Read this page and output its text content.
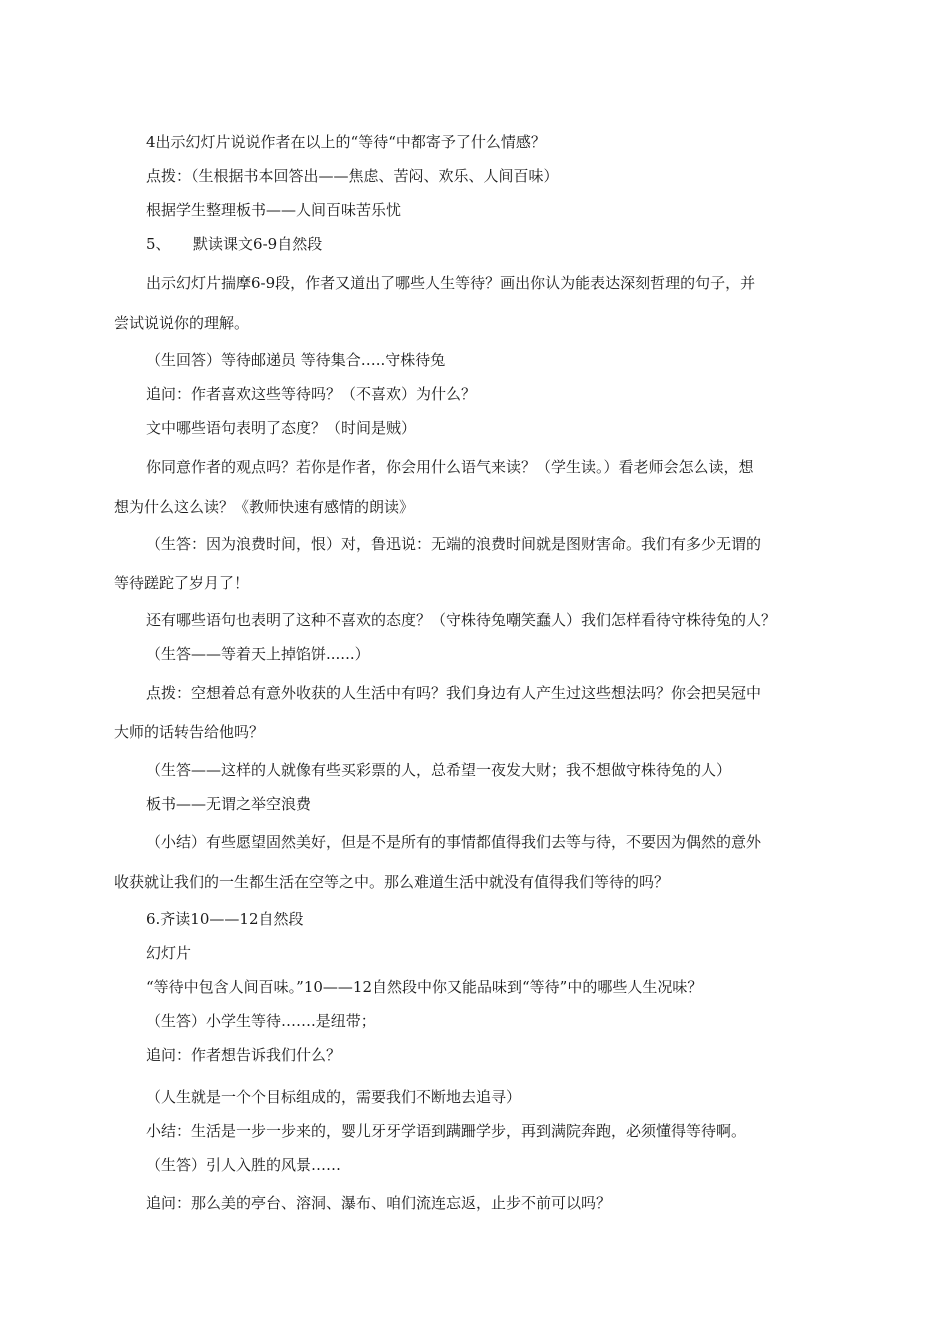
4出示幻灯片说说作者在以上的“等待“中都寄予了什么情感？
点拨：（生根据书本回答出——焦虑、苦闷、欢乐、人间百味）
根据学生整理板书——人间百味苦乐忧
5、　　默读课文6-9自然段
出示幻灯片揣摩6-9段，作者又道出了哪些人生等待？画出你认为能表达深刻哲理的句子，并
尝试说说你的理解。
（生回答）等待邮递员 等待集合…..守株待兔
追问：作者喜欢这些等待吗？（不喜欢）为什么？
文中哪些语句表明了态度？（时间是贼）
你同意作者的观点吗？若你是作者，你会用什么语气来读？（学生读。）看老师会怎么读，想
想为什么这么读？《教师快速有感情的朗读》
（生答：因为浪费时间，恨）对，鲁迅说：无端的浪费时间就是图财害命。我们有多少无谓的
等待蹉跎了岁月了！
还有哪些语句也表明了这种不喜欢的态度？（守株待兔嘲笑蠢人）我们怎样看待守株待兔的人？
（生答——等着天上掉馅饼......）
点拨：空想着总有意外收获的人生活中有吗？我们身边有人产生过这些想法吗？你会把吴冠中
大师的话转告给他吗？
（生答——这样的人就像有些买彩票的人，总希望一夜发大财；我不想做守株待兔的人）
板书——无谓之举空浪费
（小结）有些愿望固然美好，但是不是所有的事情都值得我们去等与待，不要因为偶然的意外
收获就让我们的一生都生活在空等之中。那么难道生活中就没有值得我们等待的吗？
6.齐读10——12自然段
幻灯片
“等待中包含人间百味。”10——12自然段中你又能品味到“等待”中的哪些人生况味？
（生答）小学生等待…….是纽带；
追问：作者想告诉我们什么？
（人生就是一个个目标组成的，需要我们不断地去追寻）
小结：生活是一步一步来的，婴儿牙牙学语到蹒跚学步，再到满院奔跑，必须懂得等待啊。
（生答）引人入胜的风景……
追问：那么美的亭台、溶洞、瀑布、咱们流连忘返，止步不前可以吗？
